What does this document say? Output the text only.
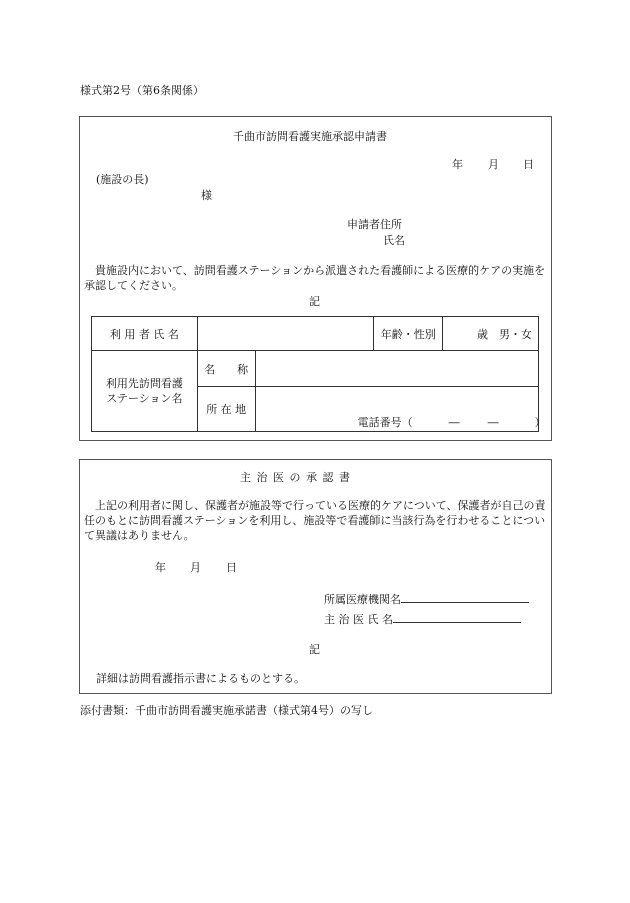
様式第2号（第6条関係）
千曲市訪問看護実施承認申請書
年 月 日
(施設の長)
様
申請者住所
氏名
貴施設内において、訪問看護ステーションから派遣された看護師による医療的ケアの実施を承認してください。
記
利 用 者 氏 名			年齢・性別	歳　男・女
利用先訪問看護
ステーション名	名　　称			
	所 在 地	電話番号（ ― ― ）		
主 治 医 の 承 認 書
上記の利用者に関し、保護者が施設等で行っている医療的ケアについて、保護者が自己の責任のもとに訪問看護ステーションを利用し、施設等で看護師に当該行為を行わせることについて異議はありません。
年 月 日
所属医療機関名
主 治 医 氏 名
記
詳細は訪問看護指示書によるものとする。
添付書類：千曲市訪問看護実施承諾書（様式第4号）の写し
